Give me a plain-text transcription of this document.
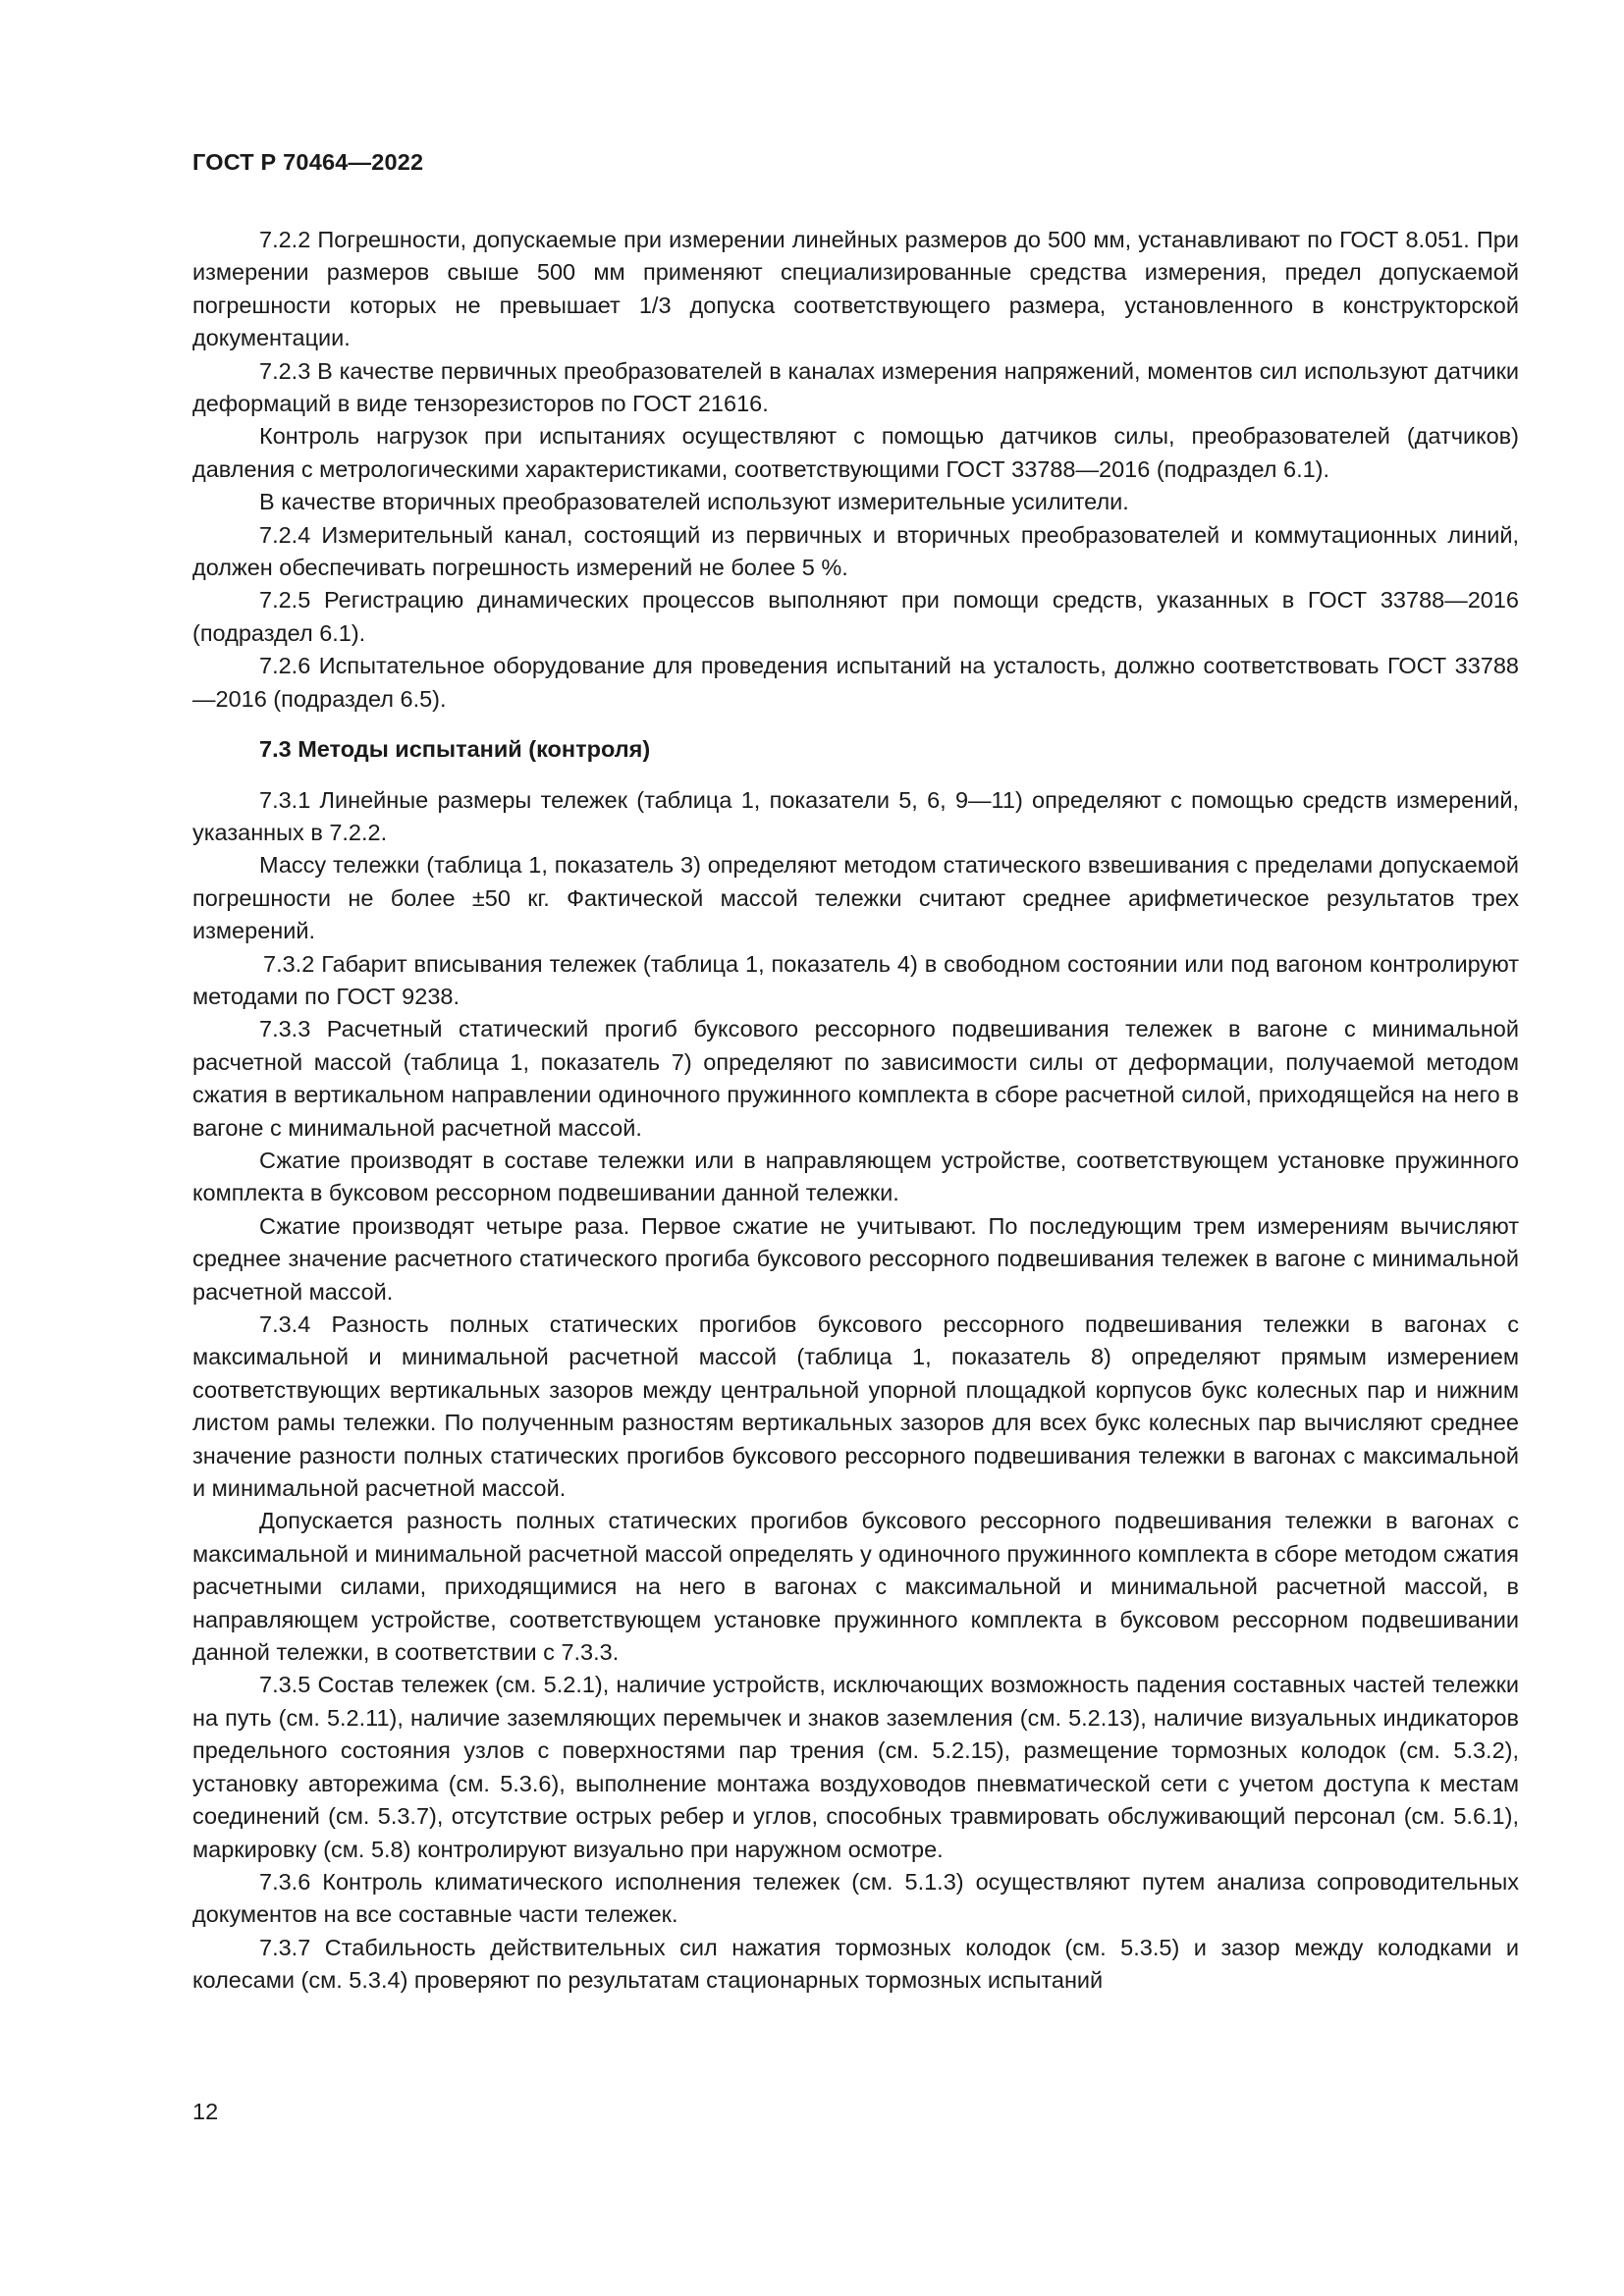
ГОСТ Р 70464—2022

7.2.2 Погрешности, допускаемые при измерении линейных размеров до 500 мм, устанавливают по ГОСТ 8.051. При измерении размеров свыше 500 мм применяют специализированные средства измерения, предел допускаемой погрешности которых не превышает 1/3 допуска соответствующего размера, установленного в конструкторской документации.

7.2.3 В качестве первичных преобразователей в каналах измерения напряжений, моментов сил используют датчики деформаций в виде тензорезисторов по ГОСТ 21616.

Контроль нагрузок при испытаниях осуществляют с помощью датчиков силы, преобразователей (датчиков) давления с метрологическими характеристиками, соответствующими ГОСТ 33788—2016 (подраздел 6.1).

В качестве вторичных преобразователей используют измерительные усилители.

7.2.4 Измерительный канал, состоящий из первичных и вторичных преобразователей и коммутационных линий, должен обеспечивать погрешность измерений не более 5 %.

7.2.5 Регистрацию динамических процессов выполняют при помощи средств, указанных в ГОСТ 33788—2016 (подраздел 6.1).

7.2.6 Испытательное оборудование для проведения испытаний на усталость, должно соответствовать ГОСТ 33788—2016 (подраздел 6.5).

7.3 Методы испытаний (контроля)

7.3.1 Линейные размеры тележек (таблица 1, показатели 5, 6, 9—11) определяют с помощью средств измерений, указанных в 7.2.2.

Массу тележки (таблица 1, показатель 3) определяют методом статического взвешивания с пределами допускаемой погрешности не более ±50 кг. Фактической массой тележки считают среднее арифметическое результатов трех измерений.

7.3.2 Габарит вписывания тележек (таблица 1, показатель 4) в свободном состоянии или под вагоном контролируют методами по ГОСТ 9238.

7.3.3 Расчетный статический прогиб буксового рессорного подвешивания тележек в вагоне с минимальной расчетной массой (таблица 1, показатель 7) определяют по зависимости силы от деформации, получаемой методом сжатия в вертикальном направлении одиночного пружинного комплекта в сборе расчетной силой, приходящейся на него в вагоне с минимальной расчетной массой.

Сжатие производят в составе тележки или в направляющем устройстве, соответствующем установке пружинного комплекта в буксовом рессорном подвешивании данной тележки.

Сжатие производят четыре раза. Первое сжатие не учитывают. По последующим трем измерениям вычисляют среднее значение расчетного статического прогиба буксового рессорного подвешивания тележек в вагоне с минимальной расчетной массой.

7.3.4 Разность полных статических прогибов буксового рессорного подвешивания тележки в вагонах с максимальной и минимальной расчетной массой (таблица 1, показатель 8) определяют прямым измерением соответствующих вертикальных зазоров между центральной упорной площадкой корпусов букс колесных пар и нижним листом рамы тележки. По полученным разностям вертикальных зазоров для всех букс колесных пар вычисляют среднее значение разности полных статических прогибов буксового рессорного подвешивания тележки в вагонах с максимальной и минимальной расчетной массой.

Допускается разность полных статических прогибов буксового рессорного подвешивания тележки в вагонах с максимальной и минимальной расчетной массой определять у одиночного пружинного комплекта в сборе методом сжатия расчетными силами, приходящимися на него в вагонах с максимальной и минимальной расчетной массой, в направляющем устройстве, соответствующем установке пружинного комплекта в буксовом рессорном подвешивании данной тележки, в соответствии с 7.3.3.

7.3.5 Состав тележек (см. 5.2.1), наличие устройств, исключающих возможность падения составных частей тележки на путь (см. 5.2.11), наличие заземляющих перемычек и знаков заземления (см. 5.2.13), наличие визуальных индикаторов предельного состояния узлов с поверхностями пар трения (см. 5.2.15), размещение тормозных колодок (см. 5.3.2), установку авторежима (см. 5.3.6), выполнение монтажа воздуховодов пневматической сети с учетом доступа к местам соединений (см. 5.3.7), отсутствие острых ребер и углов, способных травмировать обслуживающий персонал (см. 5.6.1), маркировку (см. 5.8) контролируют визуально при наружном осмотре.

7.3.6 Контроль климатического исполнения тележек (см. 5.1.3) осуществляют путем анализа сопроводительных документов на все составные части тележек.

7.3.7 Стабильность действительных сил нажатия тормозных колодок (см. 5.3.5) и зазор между колодками и колесами (см. 5.3.4) проверяют по результатам стационарных тормозных испытаний

12
